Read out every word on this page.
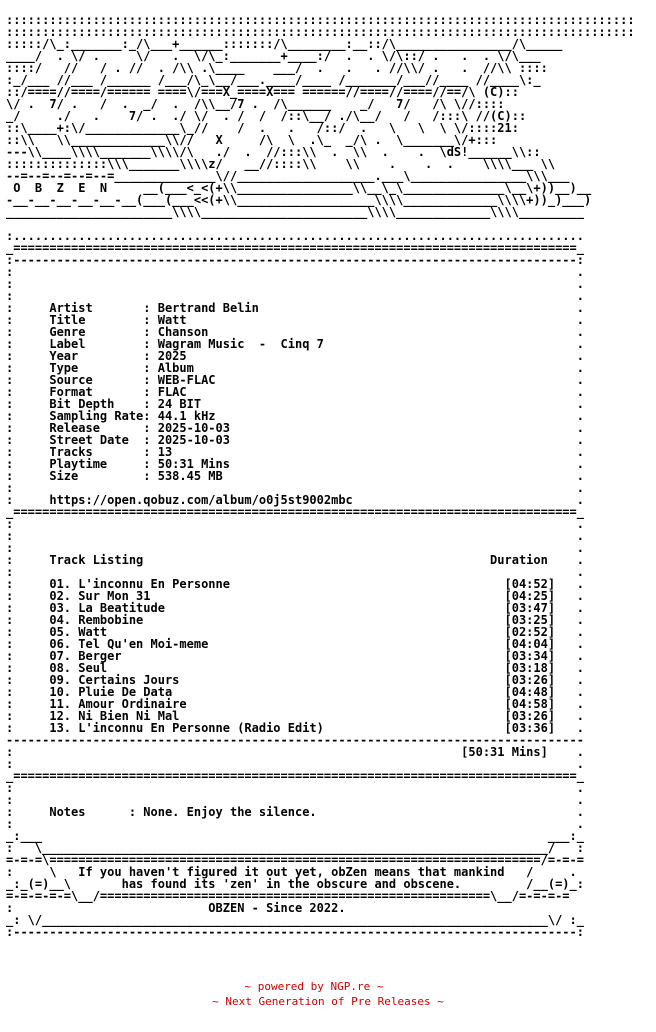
:::::::::::::::::::::::::::::::::::::::::::::::::::::::::::::::::::::::::::::::::::::::
:::::::::::::::::::::::::::::::::::::::::::::::::::::::::::::::::::::::::::::::::::::::
:::::/\_:_______:_/\___+______:::::::/\________:__::/\________________/\_____
____/  . \/ .     \/   .  \/\_:_______+____:/  .  . \/\::/ .   .  . \/\___
::::/   //   / . //  . /\\ .\____    ___/  .   .   . //\\/ .   .  //\\ ::::
:_/___ //___ /______ /___/\_\__/___.____/____ /_______/___//____ //____\:_
::/====//====/====== ====\/===X_====X=== ======//====//====//==/\ (C)::
\/ .  7/ .   /  .  _/  .  /\\__/7 .  /\______    _/   7/   /\ \//::::
_/     ./   .    7/ .  ./ \/  . /  /  /::\__/ ./\__/   /   /:::\ //(C)::
::\____+:\/_____________\_//    /  .   .   /::/  .   \   \  \ \/::::21:
::\\   \\_____________\\//   X     /\  \  .\_  _/\ .  \_______\/+:::
---\\____\\\\_______\\\\/\   ./  .  //:::\\  .  \\  .    .  \dS!______\\::
::::::::::::::\\\_______\\\\z/   __//::::\\    \\    .    .  .    \\\\___ \\
--=--=--=--=--=______________\//___________________.___\________________\\\___
O  B  Z  E  N     __(___<_<(+\\________________\\__\_\______________\__\+))__)__
-__-__-__-__-__-__(___(___<<(+\\___________________\\\\_____________\\\\+))_)___)
_______________________\\\\_______________________\\\\_____________\\\\_________

:...............................................................................
_==============================================================================_
:------------------------------------------------------------------------------:
:                                                                              .
:                                                                              .
:                                                                              .
:     Artist       : Bertrand Belin                                            .
:     Title        : Watt                                                      .
:     Genre        : Chanson                                                   .
:     Label        : Wagram Music  -  Cinq 7                                   .
:     Year         : 2025                                                      .
:     Type         : Album                                                     .
:     Source       : WEB-FLAC                                                  .
:     Format       : FLAC                                                      .
:     Bit Depth    : 24 BIT                                                    .
:     Sampling Rate: 44.1 kHz                                                  .
:     Release      : 2025-10-03                                                .
:     Street Date  : 2025-10-03                                                .
:     Tracks       : 13                                                        .
:     Playtime     : 50:31 Mins                                                .
:     Size         : 538.45 MB                                                 .
:                                                                              .
:     https://open.qobuz.com/album/o0j5st9002mbc                               .
_==============================================================================_
:                                                                              .
:                                                                              .
:                                                                              .
:     Track Listing                                                Duration    .
:                                                                              .
:     01. L'inconnu En Personne                                      [04:52]   .
:     02. Sur Mon 31                                                 [04:25]   .
:     03. La Beatitude                                               [03:47]   .
:     04. Rembobine                                                  [03:25]   .
:     05. Watt                                                       [02:52]   .
:     06. Tel Qu'en Moi-meme                                         [04:04]   .
:     07. Berger                                                     [03:34]   .
:     08. Seul                                                       [03:18]   .
:     09. Certains Jours                                             [03:26]   .
:     10. Pluie De Data                                              [04:48]   .
:     11. Amour Ordinaire                                            [04:58]   .
:     12. Ni Bien Ni Mal                                             [03:26]   .
:     13. L'inconnu En Personne (Radio Edit)                         [03:36]   .
--------------------------------------------------------------------------------
:                                                              [50:31 Mins]    .
:                                                                              .
_==============================================================================_
:                                                                              .
:                                                                              .
:     Notes      : None. Enjoy the silence.                                    .
:                                                                              .
_:___                                                                      ___:_
:   \______________________________________________________________________/   :
=-=-=\====================================================================/=-=-=
:     \   If you haven't figured it out yet, obZen means that mankind   /     .
_:_(=)__\       has found its 'zen' in the obscure and obscene.         /__(=)_:
=-=-=-=-=\__/======================================================\__/=-=-=-=
:                           OBZEN - Since 2022.
_: \/______________________________________________________________________\/ :_
:------------------------------------------------------------------------------:
~ powered by NGP.re ~
~ Next Generation of Pre Releases ~
